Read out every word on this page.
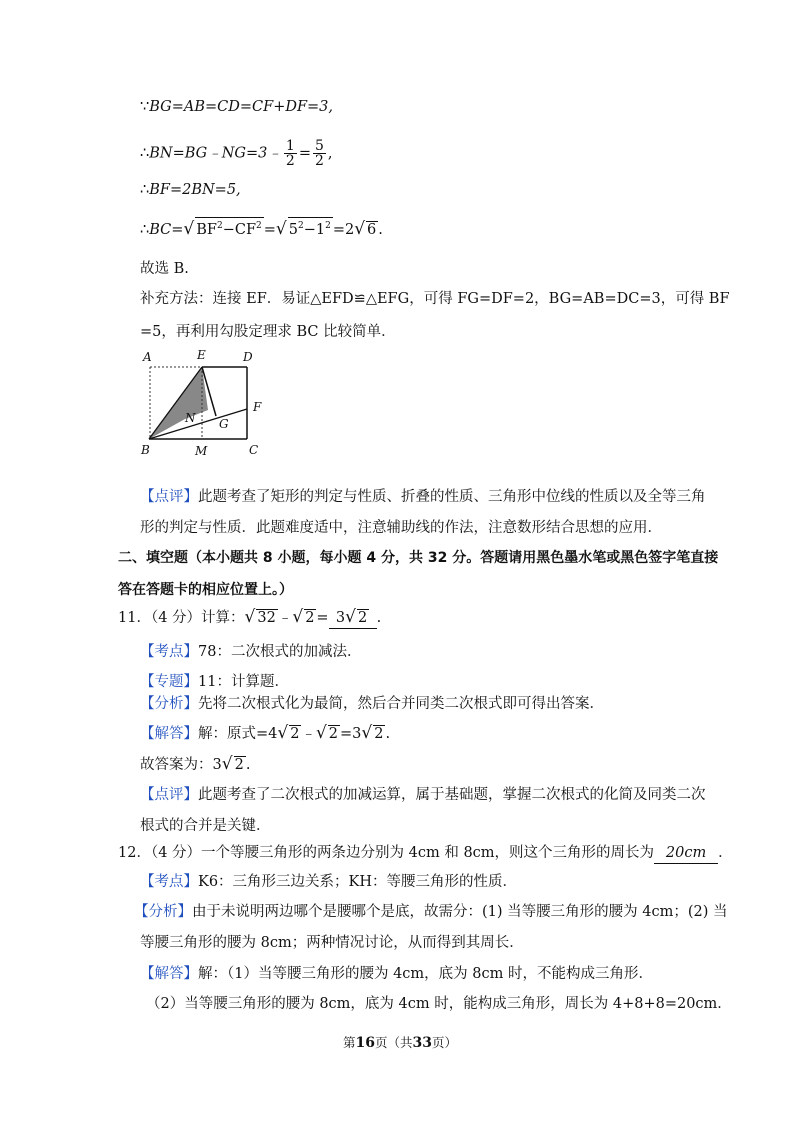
∵BG=AB=CD=CF+DF=3,
∴BN=BG﹣NG=3﹣ $\frac{1}{2} = \frac{5}{2}$ ,
∴BF=2BN=5,
∴BC=√ $BF^2-CF^2$ =√ $5^2-1^2 =2√$ 6 .
故选 B.
补充方法：连接 EF．易证△EFD≌△EFG，可得 FG=DF=2，BG=AB=DC=3，可得 BF
=5，再利用勾股定理求 BC 比较简单．
A	E	D
F
N G
B	M	C
【点评】此题考查了矩形的判定与性质、折叠的性质、三角形中位线的性质以及全等三角
形的判定与性质．此题难度适中，注意辅助线的作法，注意数形结合思想的应用．
二、填空题（本小题共 8 小题，每小题 4 分，共 32 分。答题请用黑色墨水笔或黑色签字笔直接
答在答题卡的相应位置上。）
11．（4 分）计算：√ 32 ﹣√ 2 = 3√ 2 .
【考点】78：二次根式的加减法．
【专题】11：计算题．
【分析】先将二次根式化为最简，然后合并同类二次根式即可得出答案．
【解答】解：原式=4√ 2 ﹣√ 2 =3√ 2 .
故答案为：3√ 2 .
【点评】此题考查了二次根式的加减运算，属于基础题，掌握二次根式的化简及同类二次
根式的合并是关键．
12．（4 分）一个等腰三角形的两条边分别为 4cm 和 8cm，则这个三角形的周长为 20cm ．
【考点】K6：三角形三边关系；KH：等腰三角形的性质．
【分析】由于未说明两边哪个是腰哪个是底，故需分：(1) 当等腰三角形的腰为 4cm；(2) 当
等腰三角形的腰为 8cm；两种情况讨论，从而得到其周长．
【解答】解：（1）当等腰三角形的腰为 4cm，底为 8cm 时，不能构成三角形．
（2）当等腰三角形的腰为 8cm，底为 4cm 时，能构成三角形，周长为 4+8+8=20cm．
第16页（共33页）
